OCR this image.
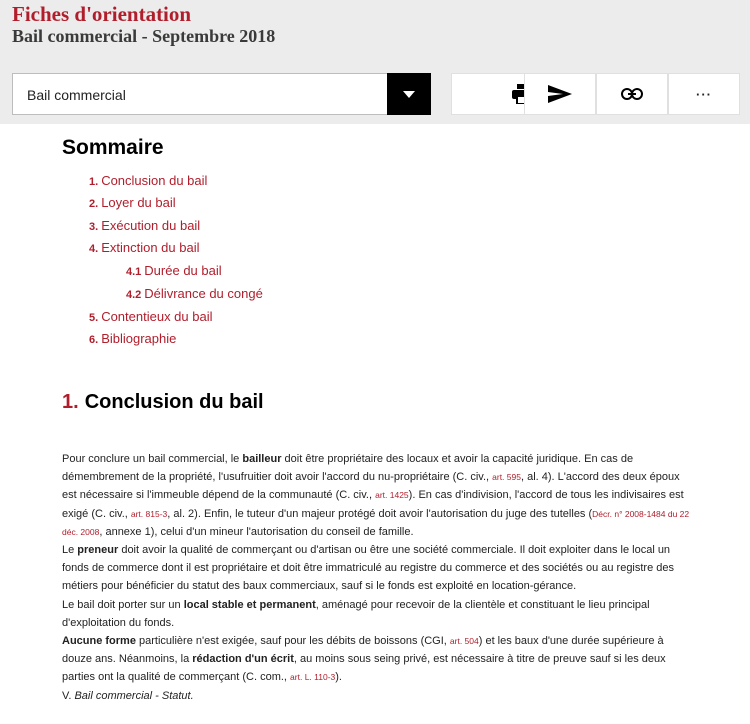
Fiches d'orientation
Bail commercial - Septembre 2018
Bail commercial	···
Sommaire
1. Conclusion du bail
2. Loyer du bail
3. Exécution du bail
4. Extinction du bail
4.1 Durée du bail
4.2 Délivrance du congé
5. Contentieux du bail
6. Bibliographie
1. Conclusion du bail

Pour conclure un bail commercial, le bailleur doit être propriétaire des locaux et avoir la capacité juridique. En cas de démembrement de la propriété, l'usufruitier doit avoir l'accord du nu-propriétaire (C. civ., art. 595, al. 4). L'accord des deux époux est nécessaire si l'immeuble dépend de la communauté (C. civ., art. 1425). En cas d'indivision, l'accord de tous les indivisaires est exigé (C. civ., art. 815-3, al. 2). Enfin, le tuteur d'un majeur protégé doit avoir l'autorisation du juge des tutelles (Décr. n° 2008-1484 du 22 déc. 2008, annexe 1), celui d'un mineur l'autorisation du conseil de famille.

Le preneur doit avoir la qualité de commerçant ou d'artisan ou être une société commerciale. Il doit exploiter dans le local un fonds de commerce dont il est propriétaire et doit être immatriculé au registre du commerce et des sociétés ou au registre des métiers pour bénéficier du statut des baux commerciaux, sauf si le fonds est exploité en location-gérance.

Le bail doit porter sur un local stable et permanent, aménagé pour recevoir de la clientèle et constituant le lieu principal d'exploitation du fonds.

Aucune forme particulière n'est exigée, sauf pour les débits de boissons (CGI, art. 504) et les baux d'une durée supérieure à douze ans. Néanmoins, la rédaction d'un écrit, au moins sous seing privé, est nécessaire à titre de preuve sauf si les deux parties ont la qualité de commerçant (C. com., art. L. 110-3).

V. Bail commercial - Statut.
